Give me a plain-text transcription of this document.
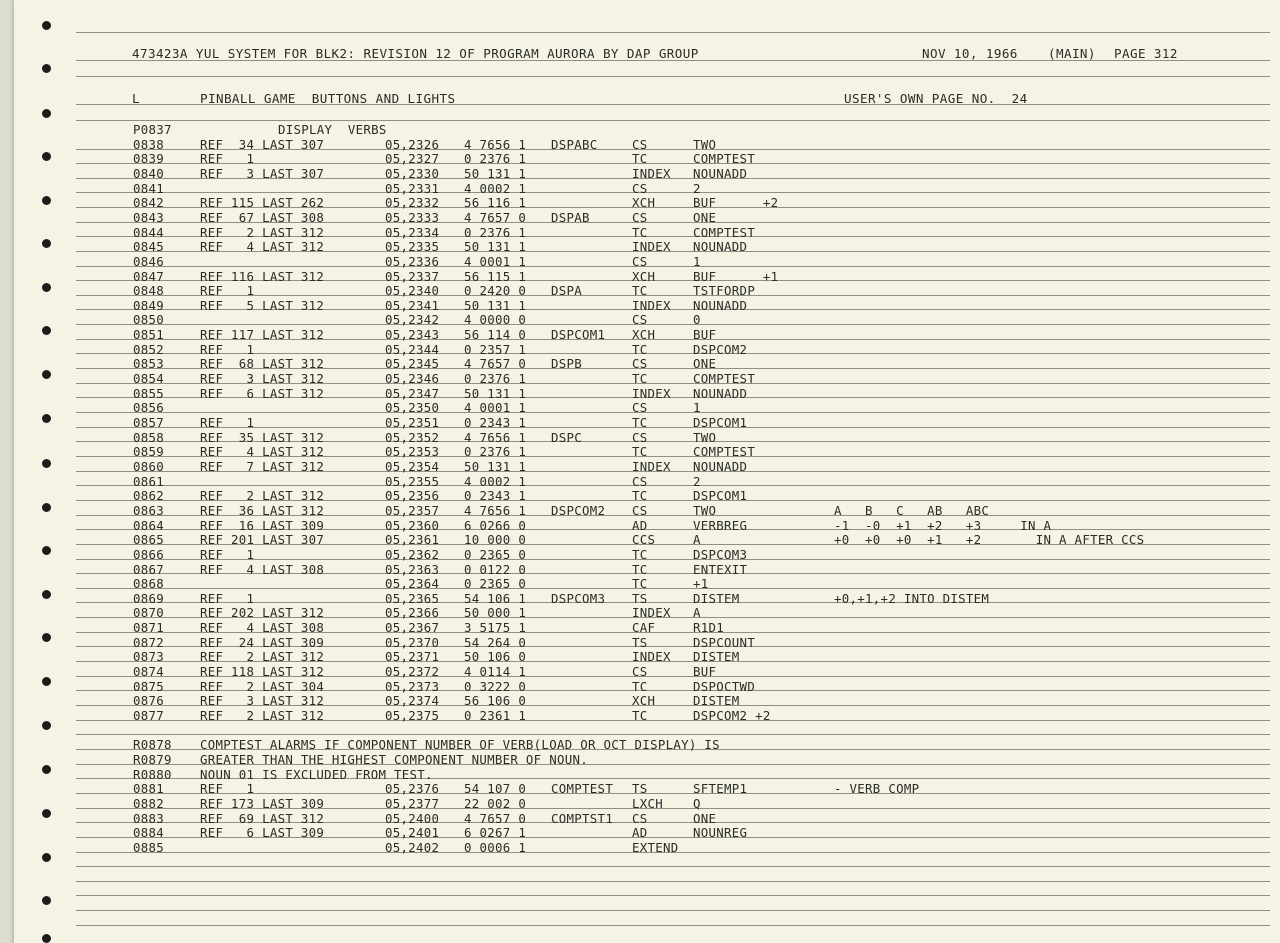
473423A YUL SYSTEM FOR BLK2: REVISION 12 OF PROGRAM AURORA BY DAP GROUP

	NOV 10, 1966

(MAIN)

PAGE 312

L

	PINBALL GAME  BUTTONS AND LIGHTS

	USER'S OWN PAGE NO.  24

P0837	DISPLAY  VERBS
0838	REF  34 LAST 307	05,2326 4 7656 1 DSPABC	CS	TWO
0839	REF   1	05,2327 0 2376 1	TC	COMPTEST
0840	REF   3 LAST 307	05,2330 50 131 1	INDEX NOUNADD
0841	05,2331 4 0002 1	CS	2
0842	REF 115 LAST 262	05,2332 56 116 1	XCH	BUF      +2
0843	REF  67 LAST 308	05,2333 4 7657 0 DSPAB	CS	ONE
0844	REF   2 LAST 312	05,2334 0 2376 1	TC	COMPTEST
0845	REF   4 LAST 312	05,2335 50 131 1	INDEX NOUNADD
0846	05,2336 4 0001 1	CS	1
0847	REF 116 LAST 312	05,2337 56 115 1	XCH	BUF      +1
0848	REF   1	05,2340 0 2420 0 DSPA	TC	TSTFORDP
0849	REF   5 LAST 312	05,2341 50 131 1	INDEX NOUNADD
0850	05,2342 4 0000 0	CS	0
0851	REF 117 LAST 312	05,2343 56 114 0 DSPCOM1 XCH	BUF
0852	REF   1	05,2344 0 2357 1	TC	DSPCOM2
0853	REF  68 LAST 312	05,2345 4 7657 0 DSPB	CS	ONE
0854	REF   3 LAST 312	05,2346 0 2376 1	TC	COMPTEST
0855	REF   6 LAST 312	05,2347 50 131 1	INDEX NOUNADD
0856	05,2350 4 0001 1	CS	1
0857	REF   1	05,2351 0 2343 1	TC	DSPCOM1
0858	REF  35 LAST 312	05,2352 4 7656 1 DSPC	CS	TWO
0859	REF   4 LAST 312	05,2353 0 2376 1	TC	COMPTEST
0860	REF   7 LAST 312	05,2354 50 131 1	INDEX NOUNADD
0861	05,2355 4 0002 1	CS	2
0862	REF   2 LAST 312	05,2356 0 2343 1	TC	DSPCOM1
0863	REF  36 LAST 312	05,2357 4 7656 1 DSPCOM2 CS	TWO	A   B   C   AB   ABC
0864	REF  16 LAST 309	05,2360 6 0266 0	AD	VERBREG	-1  -0  +1  +2   +3     IN A
0865	REF 201 LAST 307	05,2361 10 000 0	CCS	A	+0  +0  +0  +1   +2       IN A AFTER CCS
0866	REF   1	05,2362 0 2365 0	TC	DSPCOM3
0867	REF   4 LAST 308	05,2363 0 0122 0	TC	ENTEXIT
0868	05,2364 0 2365 0	TC	+1
0869	REF   1	05,2365 54 106 1 DSPCOM3 TS	DISTEM	+0,+1,+2 INTO DISTEM
0870	REF 202 LAST 312	05,2366 50 000 1	INDEX A
0871	REF   4 LAST 308	05,2367 3 5175 1	CAF	R1D1
0872	REF  24 LAST 309	05,2370 54 264 0	TS	DSPCOUNT
0873	REF   2 LAST 312	05,2371 50 106 0	INDEX DISTEM
0874	REF 118 LAST 312	05,2372 4 0114 1	CS	BUF
0875	REF   2 LAST 304	05,2373 0 3222 0	TC	DSPOCTWD
0876	REF   3 LAST 312	05,2374 56 106 0	XCH	DISTEM
0877	REF   2 LAST 312	05,2375 0 2361 1	TC	DSPCOM2 +2
R0878 COMPTEST ALARMS IF COMPONENT NUMBER OF VERB(LOAD OR OCT DISPLAY) IS
R0879 GREATER THAN THE HIGHEST COMPONENT NUMBER OF NOUN.
R0880 NOUN 01 IS EXCLUDED FROM TEST.
0881	REF   1	05,2376 54 107 0 COMPTEST TS	SFTEMP1	- VERB COMP
0882	REF 173 LAST 309	05,2377 22 002 0	LXCH Q
0883	REF  69 LAST 312	05,2400 4 7657 0 COMPTST1 CS	ONE
0884	REF   6 LAST 309	05,2401 6 0267 1	AD	NOUNREG
0885	05,2402 0 0006 1	EXTEND
